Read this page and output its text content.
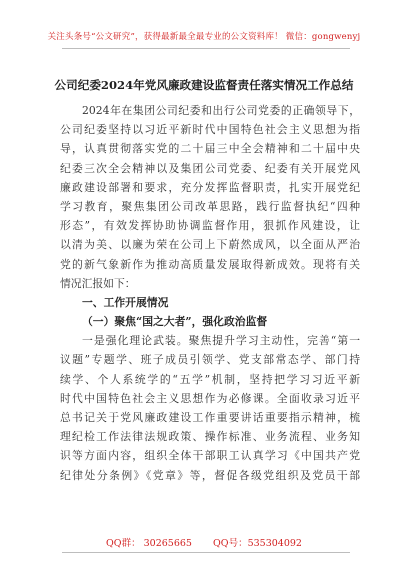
关注头条号“公文研究”，获得最新最全最专业的公文资料库！ 微信：gongwenyj
公司纪委2024年党风廉政建设监督责任落实情况工作总结
2024年在集团公司纪委和出行公司党委的正确领导下，
公司纪委坚持以习近平新时代中国特色社会主义思想为指
导，认真贯彻落实党的二十届三中全会精神和二十届中央
纪委三次全会精神以及集团公司党委、纪委有关开展党风
廉政建设部署和要求，充分发挥监督职责，扎实开展党纪
学习教育，聚焦集团公司改革思路，践行监督执纪“四种
形态”，有效发挥协助协调监督作用，狠抓作风建设，让
以清为美、以廉为荣在公司上下蔚然成风，以全面从严治
党的新气象新作为推动高质量发展取得新成效。现将有关
情况汇报如下：
一、工作开展情况
（一）聚焦“国之大者”，强化政治监督
一是强化理论武装。聚焦提升学习主动性，完善“第一
议题”专题学、班子成员引领学、党支部常态学、部门持
续学、个人系统学的“五学”机制，坚持把学习习近平新
时代中国特色社会主义思想作为必修课。全面收录习近平
总书记关于党风廉政建设工作重要讲话重要指示精神，梳
理纪检工作法律法规政策、操作标准、业务流程、业务知
识等方面内容，组织全体干部职工认真学习《中国共产党
纪律处分条例》《党章》等，督促各级党组织及党员干部
QQ群： 30265665 QQ号：535304092
